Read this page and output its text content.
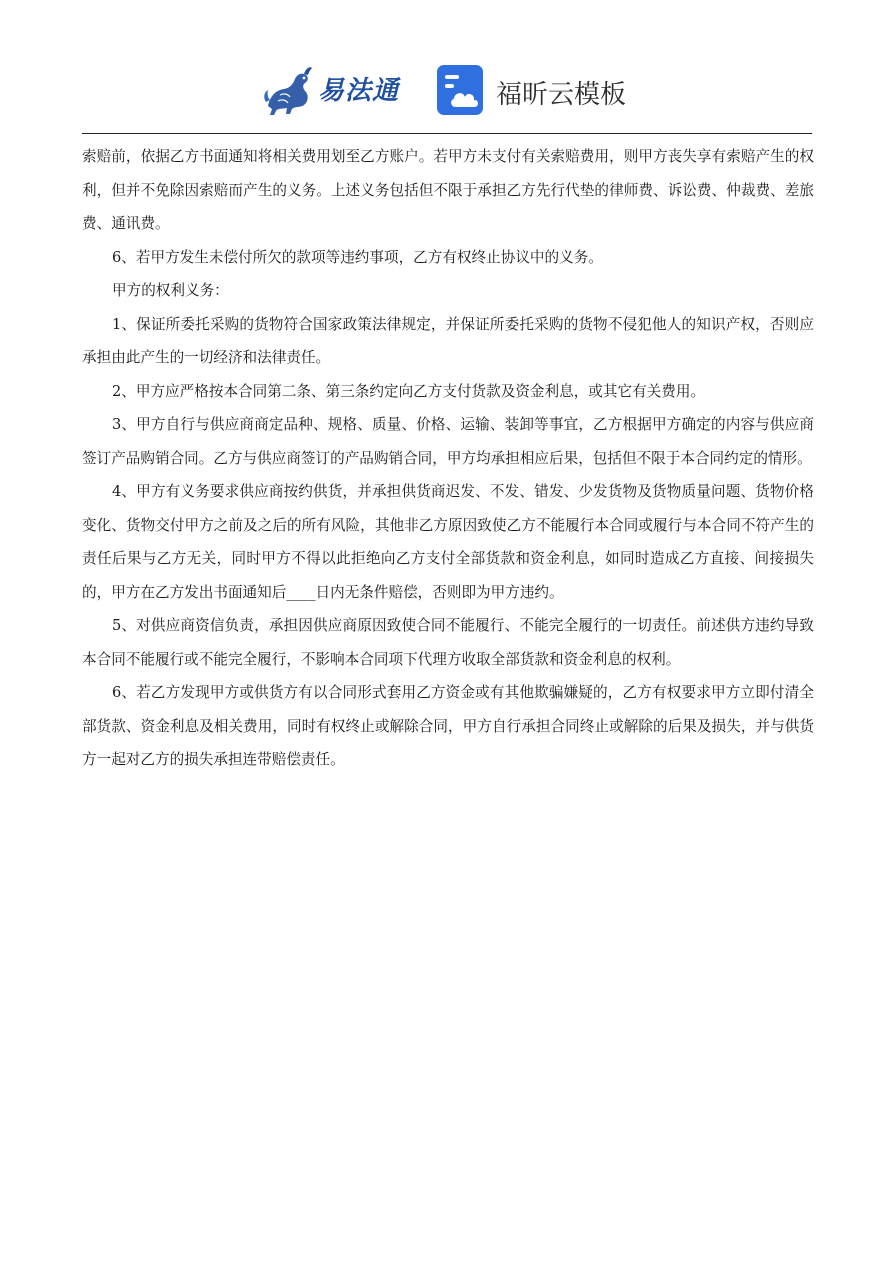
易法通	福昕云模板

索赔前，依据乙方书面通知将相关费用划至乙方账户。若甲方未支付有关索赔费用，则甲方丧失享有索赔产生的权利，但并不免除因索赔而产生的义务。上述义务包括但不限于承担乙方先行代垫的律师费、诉讼费、仲裁费、差旅费、通讯费。

6、若甲方发生未偿付所欠的款项等违约事项，乙方有权终止协议中的义务。

甲方的权利义务：

1、保证所委托采购的货物符合国家政策法律规定，并保证所委托采购的货物不侵犯他人的知识产权，否则应承担由此产生的一切经济和法律责任。

2、甲方应严格按本合同第二条、第三条约定向乙方支付货款及资金利息，或其它有关费用。

3、甲方自行与供应商商定品种、规格、质量、价格、运输、装卸等事宜，乙方根据甲方确定的内容与供应商签订产品购销合同。乙方与供应商签订的产品购销合同，甲方均承担相应后果，包括但不限于本合同约定的情形。

4、甲方有义务要求供应商按约供货，并承担供货商迟发、不发、错发、少发货物及货物质量问题、货物价格变化、货物交付甲方之前及之后的所有风险，其他非乙方原因致使乙方不能履行本合同或履行与本合同不符产生的责任后果与乙方无关，同时甲方不得以此拒绝向乙方支付全部货款和资金利息，如同时造成乙方直接、间接损失的，甲方在乙方发出书面通知后____日内无条件赔偿，否则即为甲方违约。

5、对供应商资信负责，承担因供应商原因致使合同不能履行、不能完全履行的一切责任。前述供方违约导致本合同不能履行或不能完全履行，不影响本合同项下代理方收取全部货款和资金利息的权利。

6、若乙方发现甲方或供货方有以合同形式套用乙方资金或有其他欺骗嫌疑的，乙方有权要求甲方立即付清全部货款、资金利息及相关费用，同时有权终止或解除合同，甲方自行承担合同终止或解除的后果及损失，并与供货方一起对乙方的损失承担连带赔偿责任。
